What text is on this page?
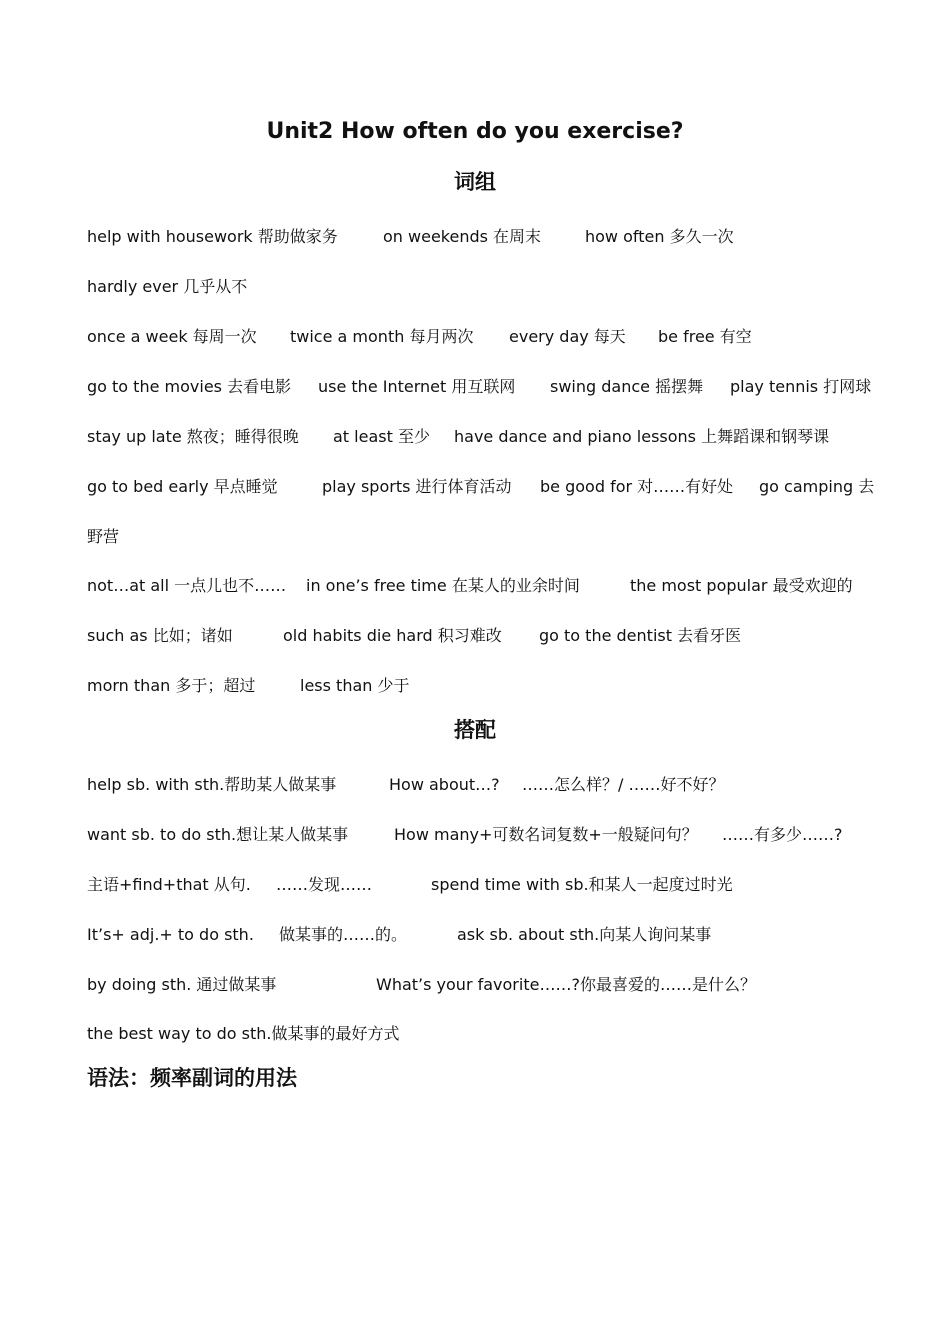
Unit2 How often do you exercise?
词组
help with housework 帮助做家务	on weekends 在周末	how often 多久一次
hardly ever 几乎从不
once a week 每周一次 twice a month 每月两次 every day 每天 be free 有空
go to the movies 去看电影 use the Internet 用互联网 swing dance 摇摆舞 play tennis 打网球
stay up late 熬夜；睡得很晚 at least 至少 have dance and piano lessons 上舞蹈课和钢琴课
go to bed early 早点睡觉	play sports 进行体育活动 be good for 对……有好处 go camping 去
野营
not…at all 一点儿也不…… in one’s free time 在某人的业余时间	the most popular 最受欢迎的
such as 比如；诸如	old habits die hard 积习难改 go to the dentist 去看牙医
morn than 多于；超过	less than 少于
搭配
help sb. with sth.帮助某人做某事	How about…? ……怎么样？/ ……好不好？
want sb. to do sth.想让某人做某事	How many+可数名词复数+一般疑问句？ ……有多少……?
主语+find+that 从句. ……发现……	spend time with sb.和某人一起度过时光
It’s+ adj.+ to do sth. 做某事的……的。	ask sb. about sth.向某人询问某事
by doing sth. 通过做某事	What’s your favorite……?你最喜爱的……是什么？
the best way to do sth.做某事的最好方式
语法：频率副词的用法
